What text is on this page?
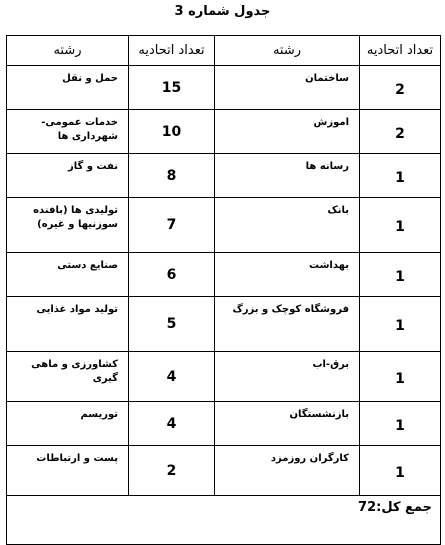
جدول شماره 3
تعداد اتحادیه	رشته	تعداد اتحادیه	رشته
2	ساختمان	15	حمل و نقل
2	اموزش	10	خدمات عمومی- شهرداری ها
1	رسانه ها	8	نفت و گاز
1	بانک	7	تولیدی ها (بافنده سوزنیها و غیره)
1	بهداشت	6	صنایع دستی
1	فروشگاه کوچک و بزرگ	5	تولید مواد غذایی
1	برق-اب	4	کشاورزی و ماهی گیری
1	بازنشستگان	4	توریسم
1	کارگران روزمزد	2	پست و ارتباطات
جمع کل:72			
